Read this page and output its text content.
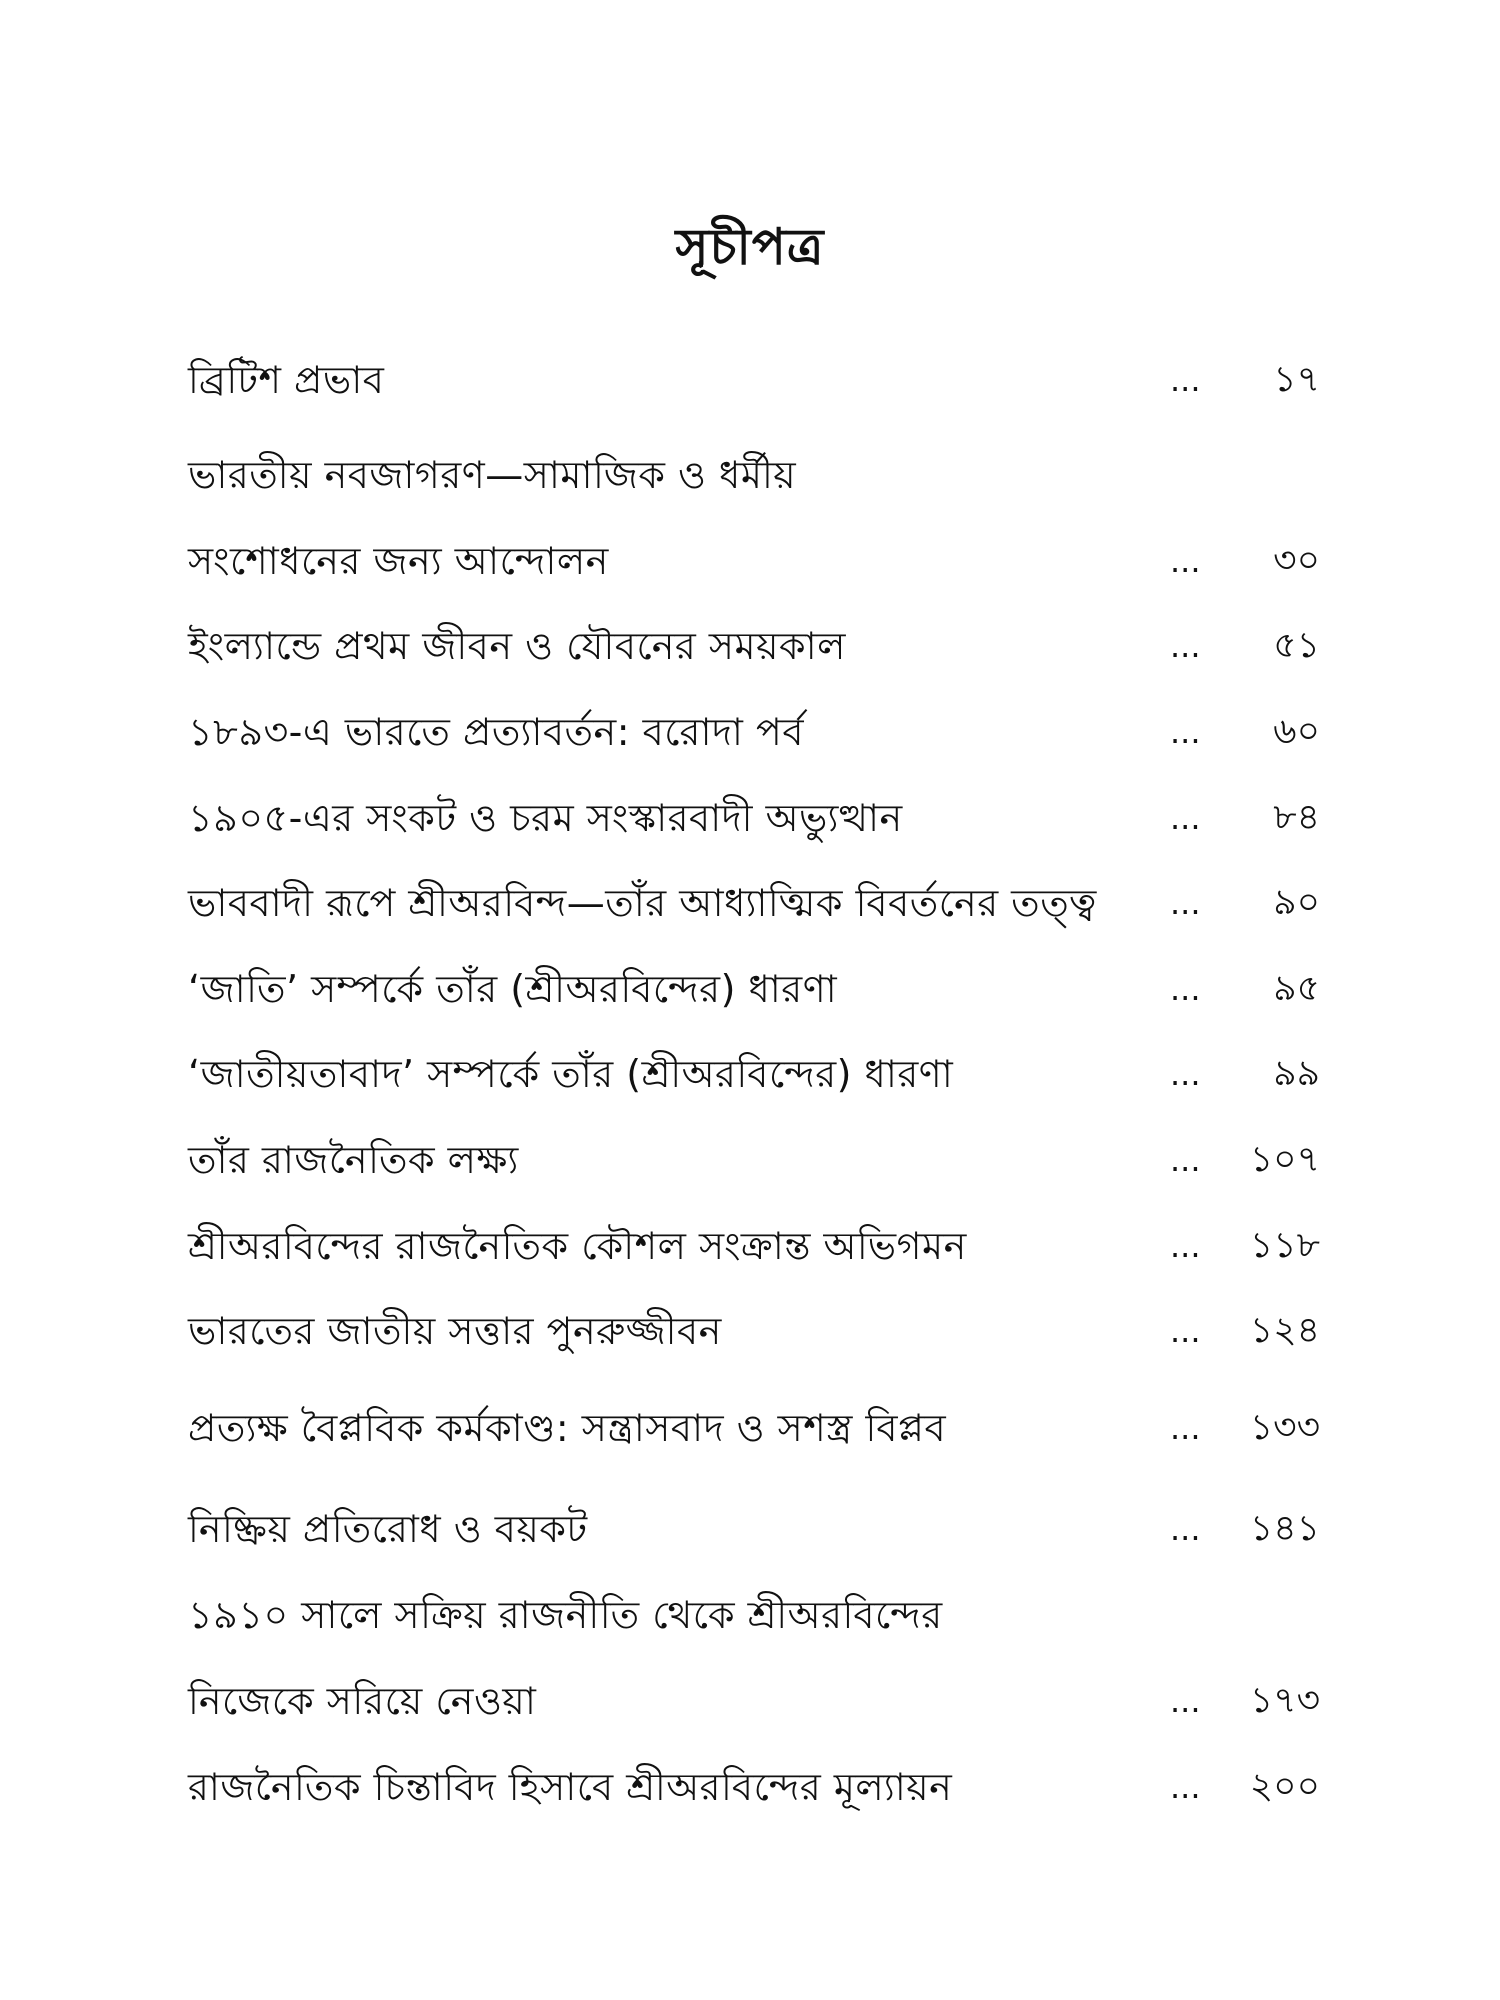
সূচীপত্র
ব্রিটিশ প্রভাব	...	১৭
ভারতীয় নবজাগরণ—সামাজিক ও ধর্মীয়
সংশোধনের জন্য আন্দোলন	...	৩০
ইংল্যান্ডে প্রথম জীবন ও যৌবনের সময়কাল	...	৫১
১৮৯৩-এ ভারতে প্রত্যাবর্তন: বরোদা পর্ব	...	৬০
১৯০৫-এর সংকট ও চরম সংস্কারবাদী অভ্যুত্থান	...	৮৪
ভাববাদী রূপে শ্রীঅরবিন্দ—তাঁর আধ্যাত্মিক বিবর্তনের তত্ত্ব ...	৯০
‘জাতি’ সম্পর্কে তাঁর (শ্রীঅরবিন্দের) ধারণা	...	৯৫
‘জাতীয়তাবাদ’ সম্পর্কে তাঁর (শ্রীঅরবিন্দের) ধারণা	...	৯৯
তাঁর রাজনৈতিক লক্ষ্য	...	১০৭
শ্রীঅরবিন্দের রাজনৈতিক কৌশল সংক্রান্ত অভিগমন	...	১১৮
ভারতের জাতীয় সত্তার পুনরুজ্জীবন	...	১২৪
প্রত্যক্ষ বৈপ্লবিক কর্মকাণ্ড: সন্ত্রাসবাদ ও সশস্ত্র বিপ্লব	...	১৩৩
নিষ্ক্রিয় প্রতিরোধ ও বয়কট	...	১৪১
১৯১০ সালে সক্রিয় রাজনীতি থেকে শ্রীঅরবিন্দের
নিজেকে সরিয়ে নেওয়া	...	১৭৩
রাজনৈতিক চিন্তাবিদ হিসাবে শ্রীঅরবিন্দের মূল্যায়ন	...	২০০
